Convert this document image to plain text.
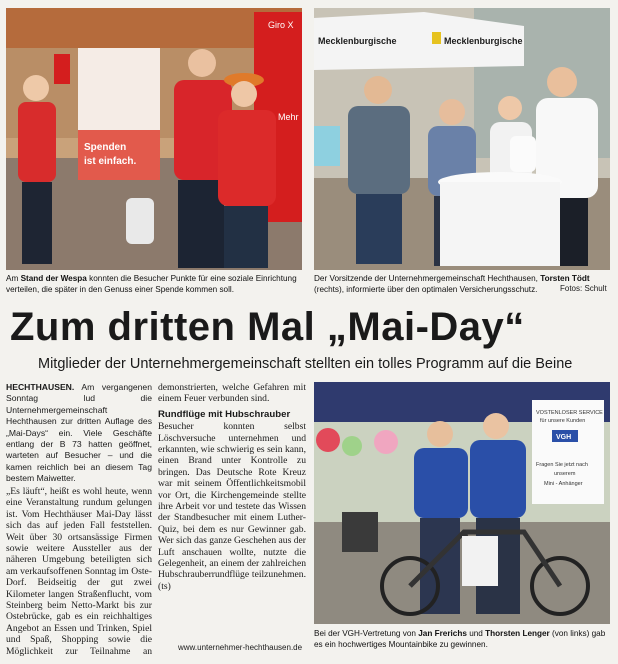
Giro X
Mehr
Spenden
ist einfach.
Am Stand der Wespa konnten die Besucher Punkte für eine soziale Einrichtung verteilen, die später in den Genuss einer Spende kommen soll.
Mecklenburgische	Mecklenburgische
Der Vorsitzende der Unternehmergemeinschaft Hechthausen, Torsten Tödt (rechts), informierte über den optimalen Versicherungsschutz.	Fotos: Schult
Zum dritten Mal „Mai-Day“
Mitglieder der Unternehmergemeinschaft stellten ein tolles Programm auf die Beine

HECHTHAUSEN. Am vergangenen Sonntag lud die Unternehmergemeinschaft Hechthausen zur dritten Auflage des „Mai-Days“ ein. Viele Geschäfte entlang der B 73 hatten geöffnet, warteten auf Besucher – und die kamen reichlich bei an diesem Tag bestem Maiwetter.

„Es läuft“, heißt es wohl heute, wenn eine Veranstaltung rundum gelungen ist. Vom Hechthäuser Mai-Day lässt sich das auf jeden Fall feststellen. Weit über 30 ortsansässige Firmen sowie weitere Aussteller aus der näheren Umgebung beteiligten sich am verkaufsoffenen Sonntag im Oste-Dorf. Beidseitig der gut zwei Kilometer langen Straßenflucht, vom Steinberg beim Netto-Markt bis zur Ostebrücke, gab es ein reichhaltiges Angebot an Essen und Trinken, Spiel und Spaß, Shopping sowie die Möglichkeit zur Teilnahme an

demonstrierten, welche Gefahren mit einem Feuer verbunden sind.

Rundflüge mit Hubschrauber

Besucher konnten selbst Löschversuche unternehmen und erkannten, wie schwierig es sein kann, einen Brand unter Kontrolle zu bringen. Das Deutsche Rote Kreuz war mit seinem Öffentlichkeitsmobil vor Ort, die Kirchengemeinde stellte ihre Arbeit vor und testete das Wissen der Standbesucher mit einem Luther-Quiz, bei dem es nur Gewinner gab. Wer sich das ganze Geschehen aus der Luft anschauen wollte, nutzte die Gelegenheit, an einem der zahlreichen Hubschrauberrundflüge teilzunehmen. (ts)

www.unternehmer-hechthausen.de
VOSTENLOSER SERVICE
für unsere Kunden
VGH
Fragen Sie jetzt nach
unserem
Mini - Anhänger
Bei der VGH-Vertretung von Jan Frerichs und Thorsten Lenger (von links) gab es ein hochwertiges Mountainbike zu gewinnen.
